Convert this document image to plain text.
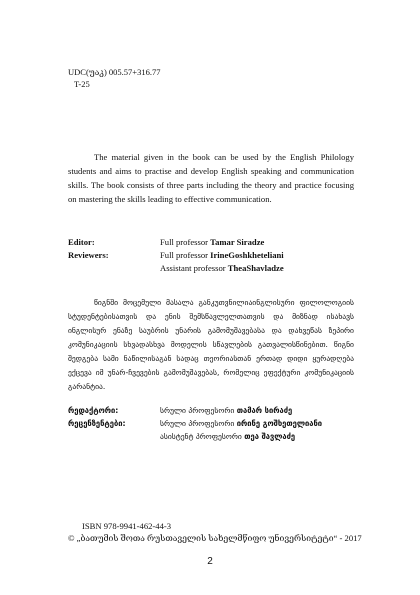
UDC(უაკ) 005.57+316.77
T-25

The material given in the book can be used by the English Philology students and aims to practise and develop English speaking and communication skills. The book consists of three parts including the theory and practice focusing on mastering the skills leading to effective communication.

Editor:	Full professor Tamar Siradze
Reviewers:	Full professor IrineGoshkheteliani
Assistant professor TheaShavladze

წიგნში მოცემული მასალა განკუთვნილიაინგლისური ფილოლოგიის სტუდენტებისათვის და ენის შემსწავლელთათვის და მიზნად ისახავს ინგლისურ ენაზე საუბრის უნარის გამომუშავებასა და დახვეწას ზეპირი კომუნიკაციის სხვადასხვა მოდელის სწავლების გათვალისწინებით. წიგნი შედგება სამი ნაწილისაგან სადაც თეორიასთან ერთად დიდი ყურადღება ექცევა იმ უნარ-ჩვევების გამომუშავებას, რომელიც ეფექტური კომუნიკაციის გარანტია.

რედაქტორი:	სრული პროფესორი თამარ სირაძე
რეცენზენტები:	სრული პროფესორი ირინე გოშხეთელიანი
ასისტენტ პროფესორი თეა შავლაძე
ISBN 978-9941-462-44-3
© „ბათუმის შოთა რუსთაველის სახელმწიფო უნივერსიტეტი“ - 2017
2
